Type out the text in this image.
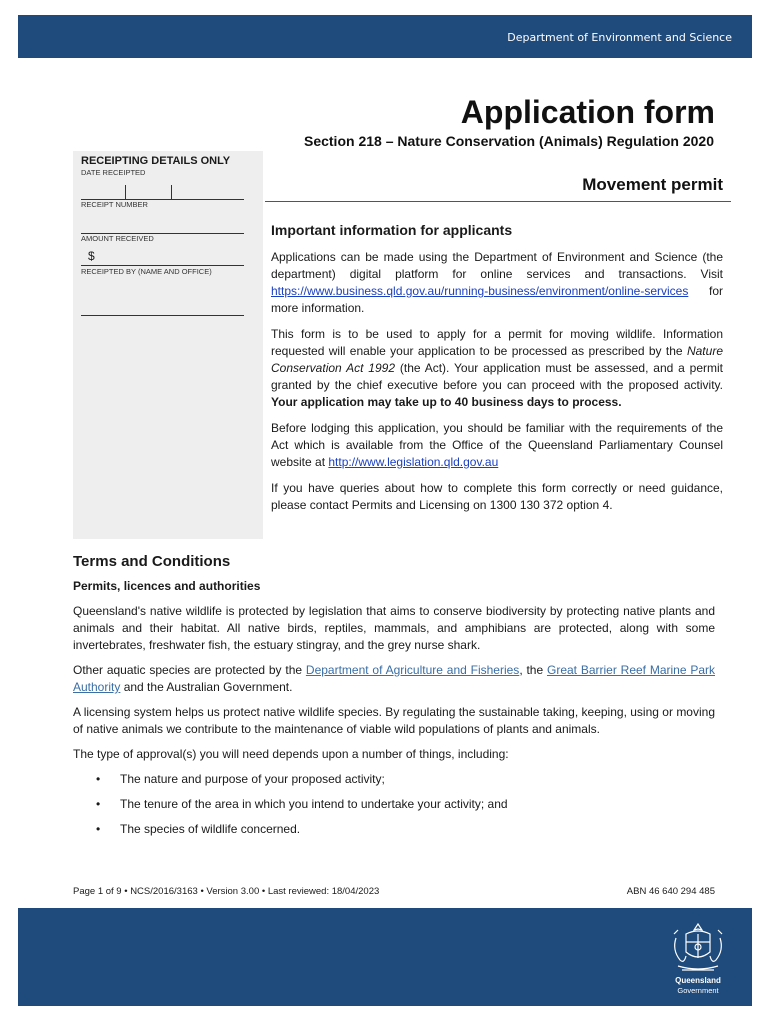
Department of Environment and Science
Application form
Section 218 – Nature Conservation (Animals) Regulation 2020
RECEIPTING DETAILS ONLY
DATE RECEIPTED
RECEIPT NUMBER
AMOUNT RECEIVED
$
RECEIPTED BY (NAME AND OFFICE)
Movement permit
Important information for applicants

Applications can be made using the Department of Environment and Science (the department) digital platform for online services and transactions. Visit https://www.business.qld.gov.au/running-business/environment/online-services for more information.

This form is to be used to apply for a permit for moving wildlife. Information requested will enable your application to be processed as prescribed by the Nature Conservation Act 1992 (the Act). Your application must be assessed, and a permit granted by the chief executive before you can proceed with the proposed activity. Your application may take up to 40 business days to process.

Before lodging this application, you should be familiar with the requirements of the Act which is available from the Office of the Queensland Parliamentary Counsel website at http://www.legislation.qld.gov.au

If you have queries about how to complete this form correctly or need guidance, please contact Permits and Licensing on 1300 130 372 option 4.

Terms and Conditions
Permits, licences and authorities

Queensland's native wildlife is protected by legislation that aims to conserve biodiversity by protecting native plants and animals and their habitat. All native birds, reptiles, mammals, and amphibians are protected, along with some invertebrates, freshwater fish, the estuary stingray, and the grey nurse shark.

Other aquatic species are protected by the Department of Agriculture and Fisheries, the Great Barrier Reef Marine Park Authority and the Australian Government.

A licensing system helps us protect native wildlife species. By regulating the sustainable taking, keeping, using or moving of native animals we contribute to the maintenance of viable wild populations of plants and animals.

The type of approval(s) you will need depends upon a number of things, including:

• The nature and purpose of your proposed activity;
• The tenure of the area in which you intend to undertake your activity; and
• The species of wildlife concerned.
Page 1 of 9 • NCS/2016/3163 • Version 3.00 • Last reviewed: 18/04/2023	ABN 46 640 294 485
Queensland
Government
